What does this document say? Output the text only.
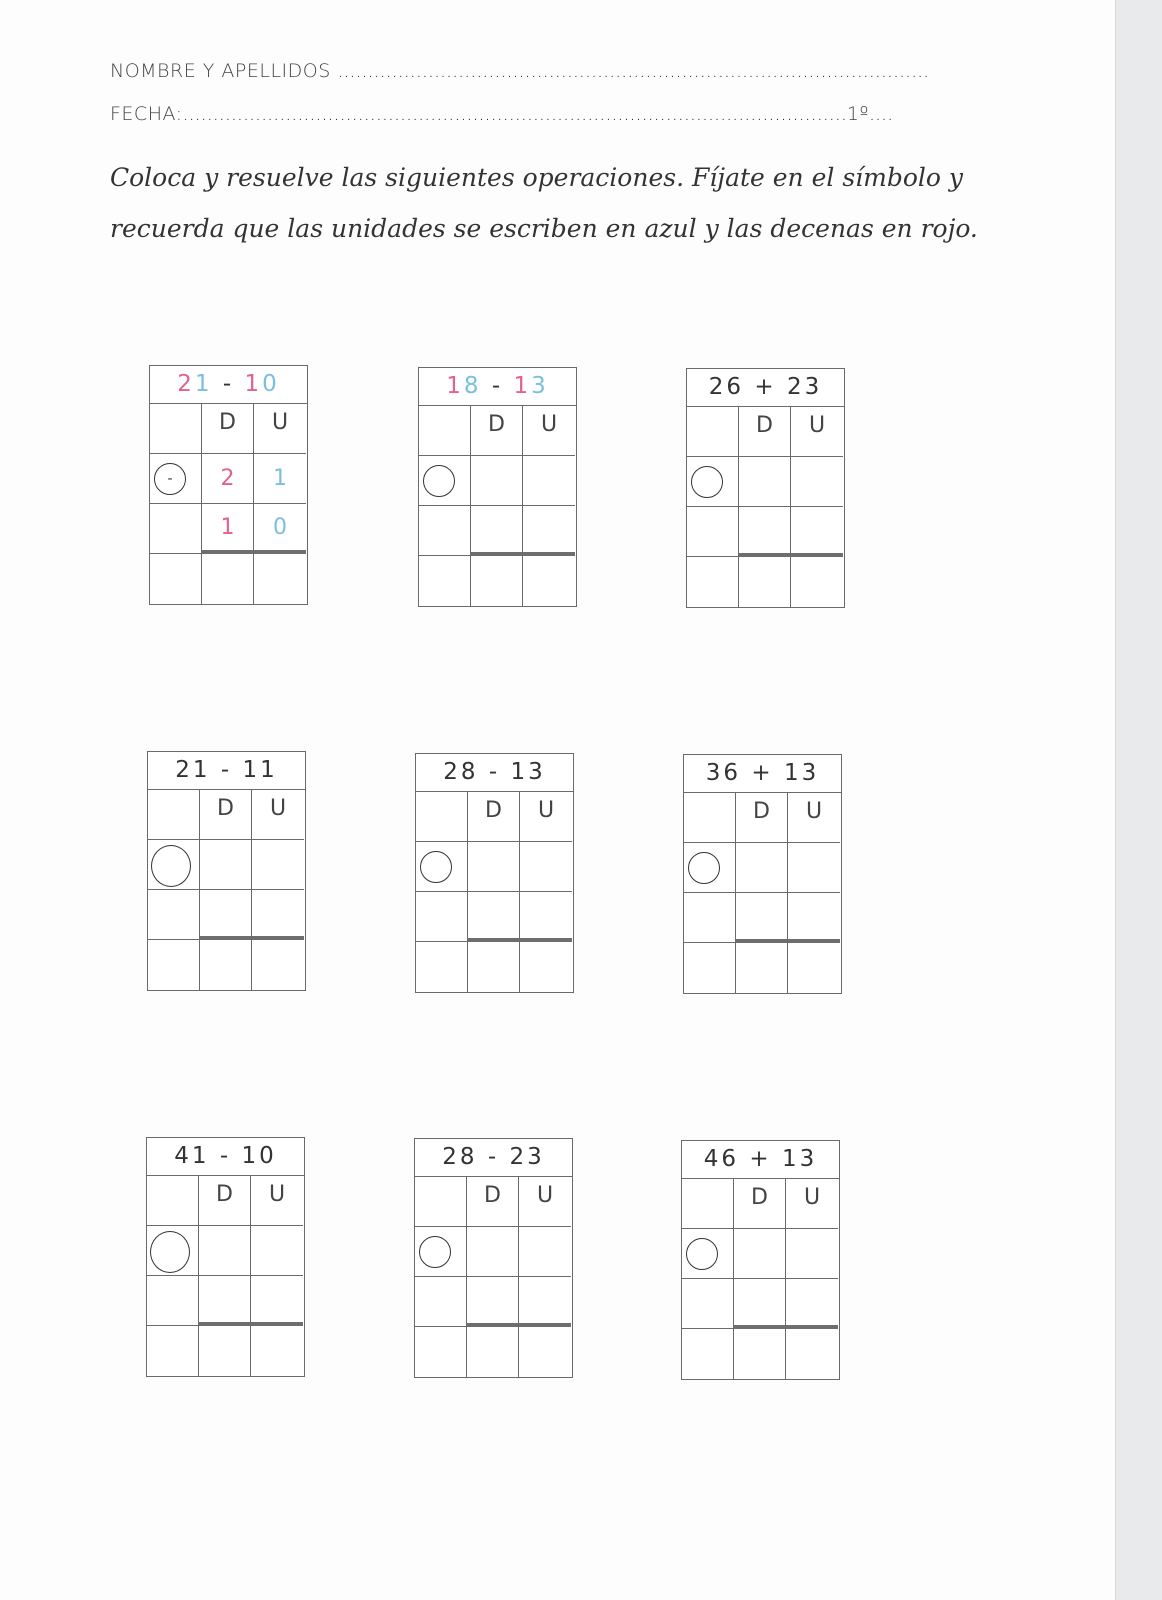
NOMBRE Y APELLIDOS ..................................................................................................
FECHA:..............................................................................................................1º....
Coloca y resuelve las siguientes operaciones. Fíjate en el símbolo y recuerda que las unidades se escriben en azul y las decenas en rojo.
21 - 10
D U
-	2 1
1 0
18 - 13
D U
26 + 23
D U
21 - 11
D U
28 - 13
D U
36 + 13
D U
41 - 10
D U
28 - 23
D U
46 + 13
D U
